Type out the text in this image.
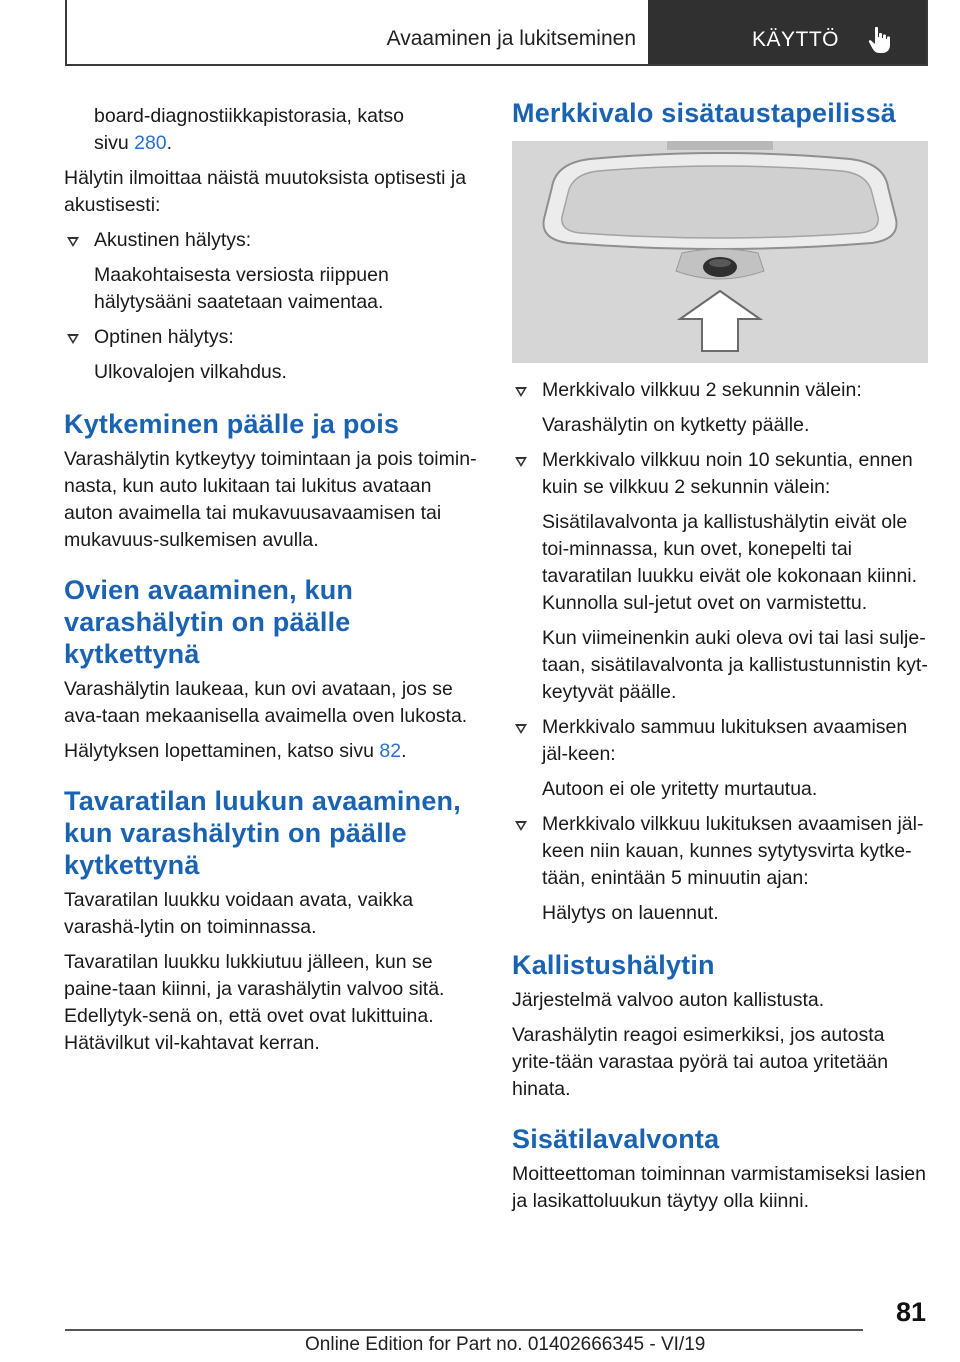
Avaaminen ja lukitseminen	KÄYTTÖ

board-diagnostiikkapistorasia, katso
sivu 280.

Hälytin ilmoittaa näistä muutoksista optisesti ja akustisesti:

Akustinen hälytys:

Maakohtaisesta versiosta riippuen hälytysääni saatetaan vaimentaa.

Optinen hälytys:

Ulkovalojen vilkahdus.

Kytkeminen päälle ja pois

Varashälytin kytkeytyy toimintaan ja pois toimin-nasta, kun auto lukitaan tai lukitus avataan auton avaimella tai mukavuusavaamisen tai mukavuus-sulkemisen avulla.

Ovien avaaminen, kun varashälytin on päälle kytkettynä

Varashälytin laukeaa, kun ovi avataan, jos se ava-taan mekaanisella avaimella oven lukosta.

Hälytyksen lopettaminen, katso sivu 82.

Tavaratilan luukun avaaminen, kun varashälytin on päälle kytkettynä

Tavaratilan luukku voidaan avata, vaikka varashä-lytin on toiminnassa.

Tavaratilan luukku lukkiutuu jälleen, kun se paine-taan kiinni, ja varashälytin valvoo sitä. Edellytyk-senä on, että ovet ovat lukittuina. Hätävilkut vil-kahtavat kerran.

Merkkivalo sisätaustapeilissä
Merkkivalo vilkkuu 2 sekunnin välein:

Varashälytin on kytketty päälle.

Merkkivalo vilkkuu noin 10 sekuntia, ennen kuin se vilkkuu 2 sekunnin välein:

Sisätilavalvonta ja kallistushälytin eivät ole toi-minnassa, kun ovet, konepelti tai tavaratilan luukku eivät ole kokonaan kiinni. Kunnolla sul-jetut ovet on varmistettu.

Kun viimeinenkin auki oleva ovi tai lasi sulje-taan, sisätilavalvonta ja kallistustunnistin kyt-keytyvät päälle.

Merkkivalo sammuu lukituksen avaamisen jäl-keen:

Autoon ei ole yritetty murtautua.

Merkkivalo vilkkuu lukituksen avaamisen jäl-keen niin kauan, kunnes sytytysvirta kytke-tään, enintään 5 minuutin ajan:

Hälytys on lauennut.

Kallistushälytin

Järjestelmä valvoo auton kallistusta.

Varashälytin reagoi esimerkiksi, jos autosta yrite-tään varastaa pyörä tai autoa yritetään hinata.

Sisätilavalvonta

Moitteettoman toiminnan varmistamiseksi lasien ja lasikattoluukun täytyy olla kiinni.

81
Online Edition for Part no. 01402666345 - VI/19
